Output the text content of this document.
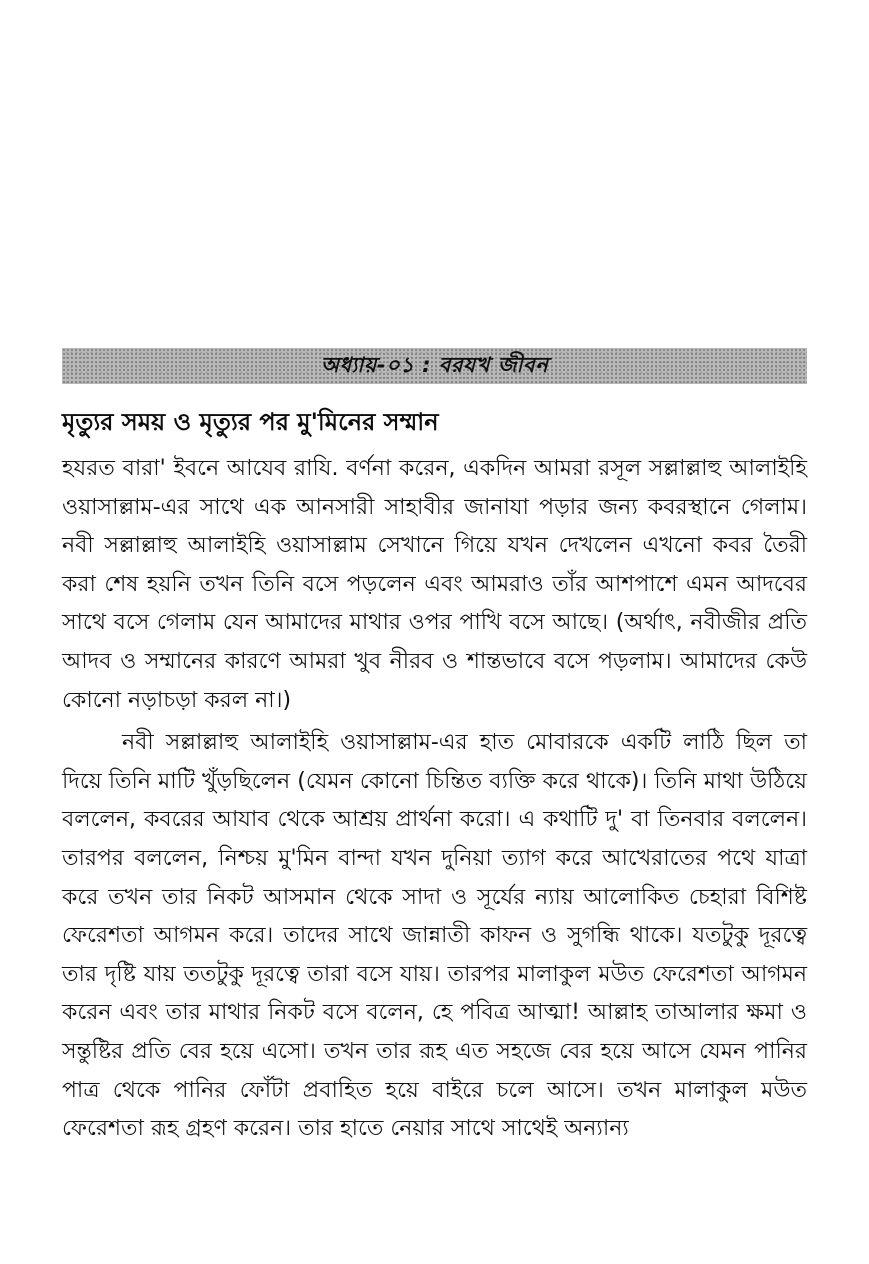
অধ্যায়-০১ : বরযখ জীবন
মৃত্যুর সময় ও মৃত্যুর পর মু'মিনের সম্মান

হযরত বারা' ইবনে আযেব রাযি. বর্ণনা করেন, একদিন আমরা রসূল সল্লাল্লাহু আলাইহি ওয়াসাল্লাম-এর সাথে এক আনসারী সাহাবীর জানাযা পড়ার জন্য কবরস্থানে গেলাম। নবী সল্লাল্লাহু আলাইহি ওয়াসাল্লাম সেখানে গিয়ে যখন দেখলেন এখনো কবর তৈরী করা শেষ হয়নি তখন তিনি বসে পড়লেন এবং আমরাও তাঁর আশপাশে এমন আদবের সাথে বসে গেলাম যেন আমাদের মাথার ওপর পাখি বসে আছে। (অর্থাৎ, নবীজীর প্রতি আদব ও সম্মানের কারণে আমরা খুব নীরব ও শান্তভাবে বসে পড়লাম। আমাদের কেউ কোনো নড়াচড়া করল না।)

নবী সল্লাল্লাহু আলাইহি ওয়াসাল্লাম-এর হাত মোবারকে একটি লাঠি ছিল তা দিয়ে তিনি মাটি খুঁড়ছিলেন (যেমন কোনো চিন্তিত ব্যক্তি করে থাকে)। তিনি মাথা উঠিয়ে বললেন, কবরের আযাব থেকে আশ্রয় প্রার্থনা করো। এ কথাটি দু' বা তিনবার বললেন। তারপর বললেন, নিশ্চয় মু'মিন বান্দা যখন দুনিয়া ত্যাগ করে আখেরাতের পথে যাত্রা করে তখন তার নিকট আসমান থেকে সাদা ও সূর্যের ন্যায় আলোকিত চেহারা বিশিষ্ট ফেরেশতা আগমন করে। তাদের সাথে জান্নাতী কাফন ও সুগন্ধি থাকে। যতটুকু দূরত্বে তার দৃষ্টি যায় ততটুকু দূরত্বে তারা বসে যায়। তারপর মালাকুল মউত ফেরেশতা আগমন করেন এবং তার মাথার নিকট বসে বলেন, হে পবিত্র আত্মা! আল্লাহ তাআলার ক্ষমা ও সন্তুষ্টির প্রতি বের হয়ে এসো। তখন তার রূহ এত সহজে বের হয়ে আসে যেমন পানির পাত্র থেকে পানির ফোঁটা প্রবাহিত হয়ে বাইরে চলে আসে। তখন মালাকুল মউত ফেরেশতা রূহ গ্রহণ করেন। তার হাতে নেয়ার সাথে সাথেই অন্যান্য
